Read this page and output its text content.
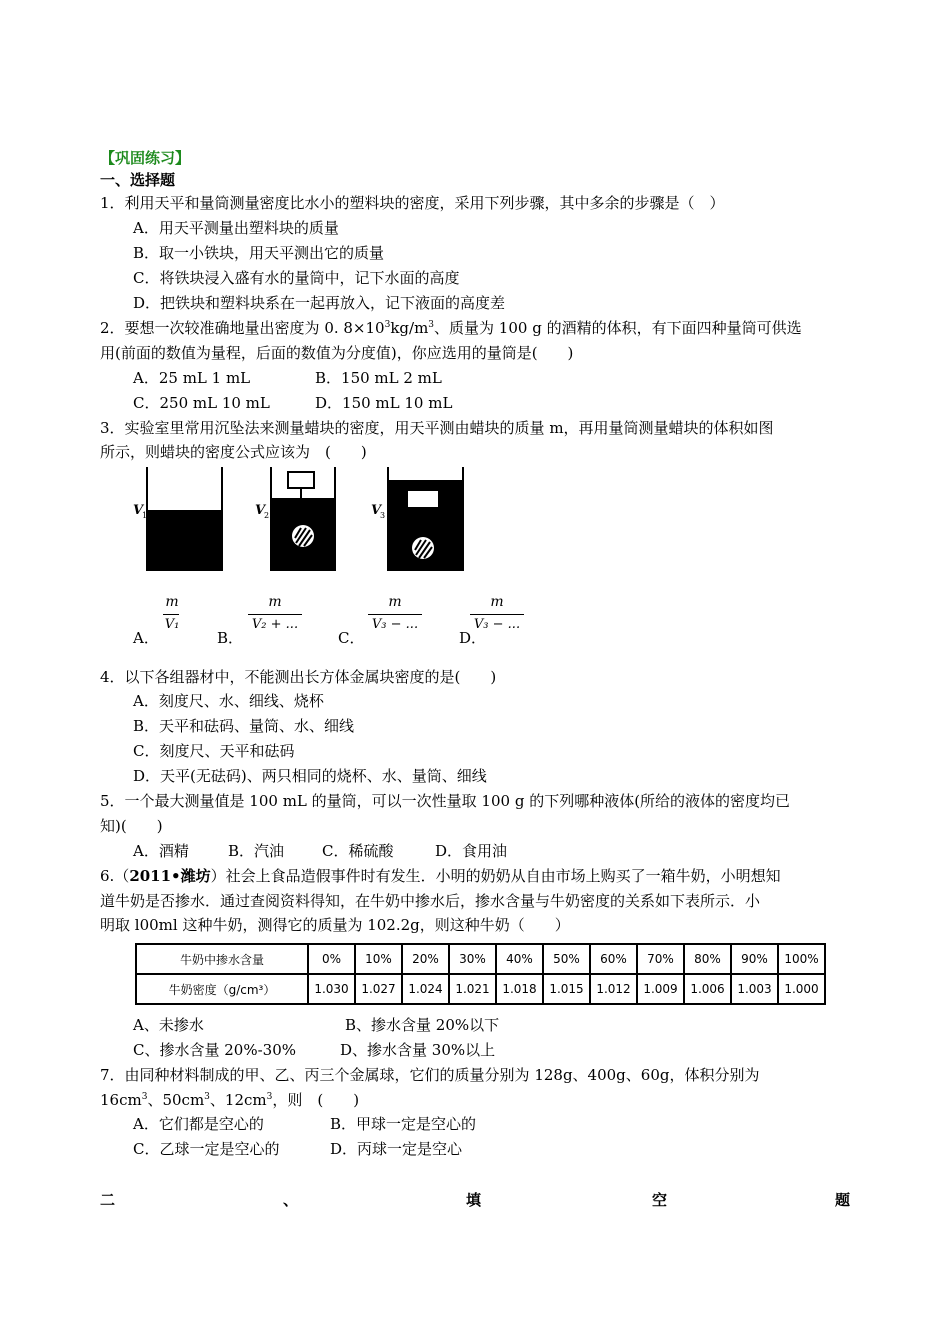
【巩固练习】
一、选择题
1．利用天平和量筒测量密度比水小的塑料块的密度，采用下列步骤，其中多余的步骤是（　）
A．用天平测量出塑料块的质量
B．取一小铁块，用天平测出它的质量
C．将铁块浸入盛有水的量筒中，记下水面的高度
D．把铁块和塑料块系在一起再放入，记下液面的高度差
2．要想一次较准确地量出密度为 0. $8\times 10^3kg/m^3$、质量为 100 g 的酒精的体积，有下面四种量筒可供选
用(前面的数值为量程，后面的数值为分度值)，你应选用的量筒是(　　)
A．25 mL 1 mL	B．150 mL 2 mL
C．250 mL 10 mL	D．150 mL 10 mL
3．实验室里常用沉坠法来测量蜡块的密度，用天平测由蜡块的质量 m，再用量筒测量蜡块的体积如图
所示，则蜡块的密度公式应该为　(　　)
V
1	V
2	V
3
A．
m
V₁
B．
m
V₂ + ...
C．
m
V₃ − ...
D．
m
V₃ − ...
4．以下各组器材中，不能测出长方体金属块密度的是(　　)
A．刻度尺、水、细线、烧杯
B．天平和砝码、量筒、水、细线
C．刻度尺、天平和砝码
D．天平(无砝码)、两只相同的烧杯、水、量筒、细线
5．一个最大测量值是 100 mL 的量筒，可以一次性量取 100 g 的下列哪种液体(所给的液体的密度均已
知)(　　)
A．酒精	B．汽油	C．稀硫酸	D．食用油
6.（2011•潍坊）社会上食品造假事件时有发生．小明的奶奶从自由市场上购买了一箱牛奶，小明想知
道牛奶是否掺水．通过查阅资料得知，在牛奶中掺水后，掺水含量与牛奶密度的关系如下表所示．小
明取 l00ml 这种牛奶，测得它的质量为 102.2g，则这种牛奶（　　）
牛奶中掺水含量	0%	10%	20%	30%	40%	50%	60%	70%	80%	90%	100%
牛奶密度（g/cm³）	1.030	1.027	1.024	1.021	1.018	1.015	1.012	1.009	1.006	1.003	1.000
A、未掺水	B、掺水含量 20%以下
C、掺水含量 20%-30%	D、掺水含量 30%以上
7．由同种材料制成的甲、乙、丙三个金属球，它们的质量分别为 128g、400g、60g，体积分别为
$16cm^3$、$50cm^3$、$12cm^3$，则　(　　)
A．它们都是空心的	B．甲球一定是空心的
C．乙球一定是空心的	D．丙球一定是空心
二	、	填	空	题
